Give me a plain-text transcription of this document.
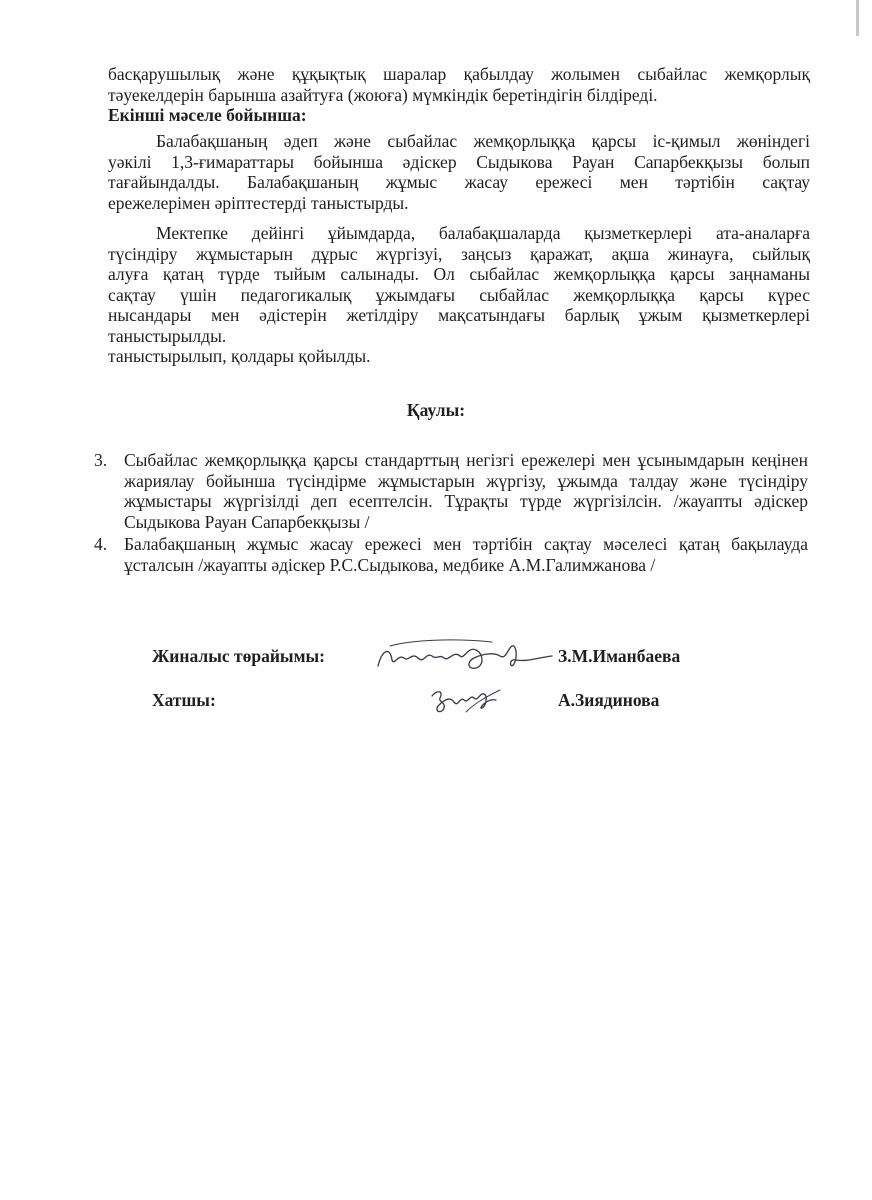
басқарушылық және құқықтық шаралар қабылдау жолымен сыбайлас жемқорлық
тәуекелдерін барынша азайтуға (жоюға) мүмкіндік беретіндігін білдіреді.
Екінші мәселе бойынша:
Балабақшаның әдеп және сыбайлас жемқорлыққа қарсы іс-қимыл жөніндегі
уәкілі 1,3-ғимараттары бойынша әдіскер Сыдыкова Рауан Сапарбекқызы болып
тағайындалды. Балабақшаның жұмыс жасау ережесі мен тәртібін сақтау
ережелерімен әріптестерді таныстырды.
Мектепке дейінгі ұйымдарда, балабақшаларда қызметкерлері ата-аналарға
түсіндіру жұмыстарын дұрыс жүргізуі, заңсыз қаражат, ақша жинауға, сыйлық
алуға қатаң түрде тыйым салынады. Ол сыбайлас жемқорлыққа қарсы заңнаманы
сақтау үшін педагогикалық ұжымдағы сыбайлас жемқорлыққа қарсы күрес
нысандары мен әдістерін жетілдіру мақсатындағы барлық ұжым қызметкерлері
таныстырылды.
таныстырылып, қолдары қойылды.
Қаулы:
3. Сыбайлас жемқорлыққа қарсы стандарттың негізгі ережелері мен ұсынымдарын кеңінен жариялау бойынша түсіндірме жұмыстарын жүргізу, ұжымда талдау және түсіндіру жұмыстары жүргізілді деп есептелсін. Тұрақты түрде жүргізілсін. /жауапты әдіскер Сыдыкова Рауан Сапарбекқызы /
4. Балабақшаның жұмыс жасау ережесі мен тәртібін сақтау мәселесі қатаң бақылауда ұсталсын /жауапты әдіскер Р.С.Сыдыкова, медбике А.М.Галимжанова /
Жиналыс төрайымы:	З.М.Иманбаева
Хатшы:	А.Зиядинова
